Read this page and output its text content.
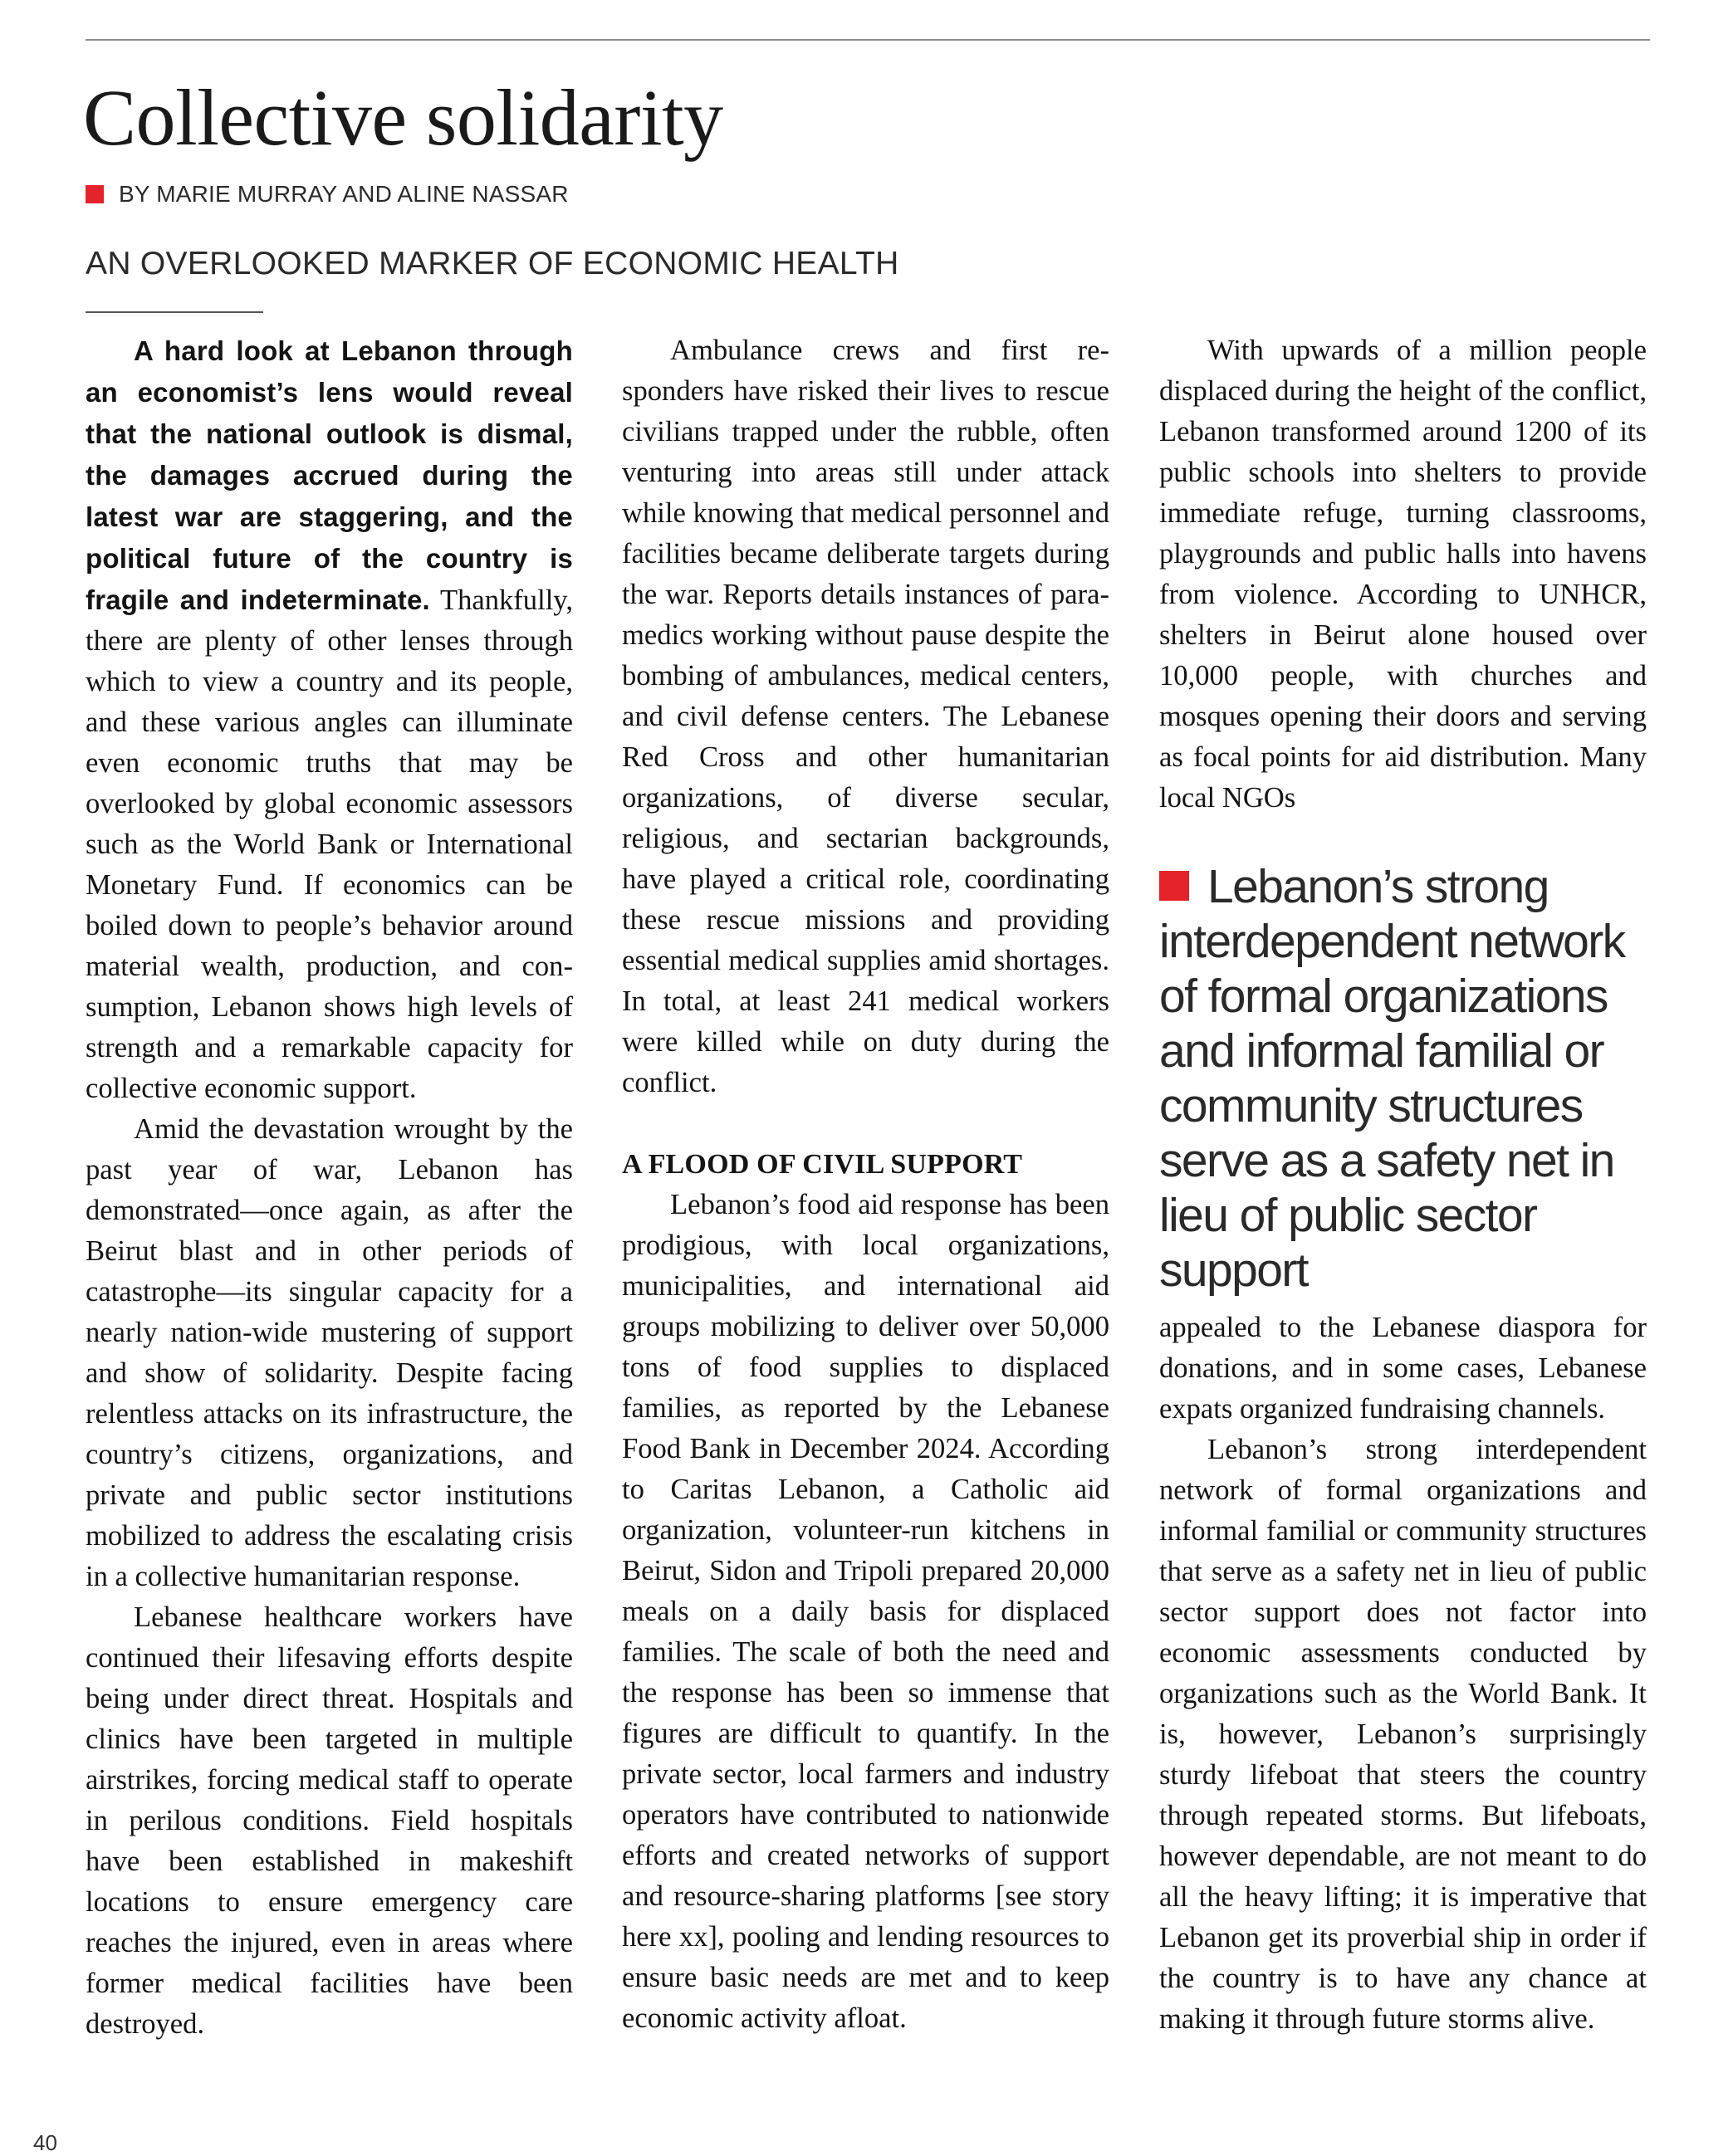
Collective solidarity
BY MARIE MURRAY AND ALINE NASSAR
AN OVERLOOKED MARKER OF ECONOMIC HEALTH

A hard look at Lebanon through an economist’s lens would reveal that the national outlook is dismal, the damages accrued during the latest war are staggering, and the political future of the country is fragile and indeterminate. Thankfully, there are plenty of other lenses through which to view a country and its people, and these various angles can illuminate even economic truths that may be overlooked by global economic assessors such as the World Bank or International Monetary Fund. If economics can be boiled down to people’s behavior around material wealth, production, and consumption, Lebanon shows high levels of strength and a remarkable capacity for collective economic support.

Amid the devastation wrought by the past year of war, Lebanon has demonstrated—once again, as after the Beirut blast and in other periods of catastrophe—its singular capacity for a nearly nation-wide mustering of support and show of solidarity. Despite facing relentless attacks on its infrastructure, the country’s citizens, organizations, and private and public sector institutions mobilized to address the escalating crisis in a collective humanitarian response.

Lebanese healthcare workers have continued their lifesaving efforts despite being under direct threat. Hospitals and clinics have been targeted in multiple airstrikes, forcing medical staff to operate in perilous conditions. Field hospitals have been established in makeshift locations to ensure emergency care reaches the injured, even in areas where former medical facilities have been destroyed.

Ambulance crews and first responders have risked their lives to rescue civilians trapped under the rubble, often venturing into areas still under attack while knowing that medical personnel and facilities became deliberate targets during the war. Reports details instances of paramedics working without pause despite the bombing of ambulances, medical centers, and civil defense centers. The Lebanese Red Cross and other humanitarian organizations, of diverse secular, religious, and sectarian backgrounds, have played a critical role, coordinating these rescue missions and providing essential medical supplies amid shortages. In total, at least 241 medical workers were killed while on duty during the conflict.

A FLOOD OF CIVIL SUPPORT

Lebanon’s food aid response has been prodigious, with local organizations, municipalities, and international aid groups mobilizing to deliver over 50,000 tons of food supplies to displaced families, as reported by the Lebanese Food Bank in December 2024. According to Caritas Lebanon, a Catholic aid organization, volunteer-run kitchens in Beirut, Sidon and Tripoli prepared 20,000 meals on a daily basis for displaced families. The scale of both the need and the response has been so immense that figures are difficult to quantify. In the private sector, local farmers and industry operators have contributed to nationwide efforts and created networks of support and resource-sharing platforms [see story here xx], pooling and lending resources to ensure basic needs are met and to keep economic activity afloat.

With upwards of a million people displaced during the height of the conflict, Lebanon transformed around 1200 of its public schools into shelters to provide immediate refuge, turning classrooms, playgrounds and public halls into havens from violence. According to UNHCR, shelters in Beirut alone housed over 10,000 people, with churches and mosques opening their doors and serving as focal points for aid distribution. Many local NGOs

Lebanon’s strong interdependent network of formal organizations and informal familial or community structures serve as a safety net in lieu of public sector support

appealed to the Lebanese diaspora for donations, and in some cases, Lebanese expats organized fundraising channels.

Lebanon’s strong interdependent network of formal organizations and informal familial or community structures that serve as a safety net in lieu of public sector support does not factor into economic assessments conducted by organizations such as the World Bank. It is, however, Lebanon’s surprisingly sturdy lifeboat that steers the country through repeated storms. But lifeboats, however dependable, are not meant to do all the heavy lifting; it is imperative that Lebanon get its proverbial ship in order if the country is to have any chance at making it through future storms alive.

40
